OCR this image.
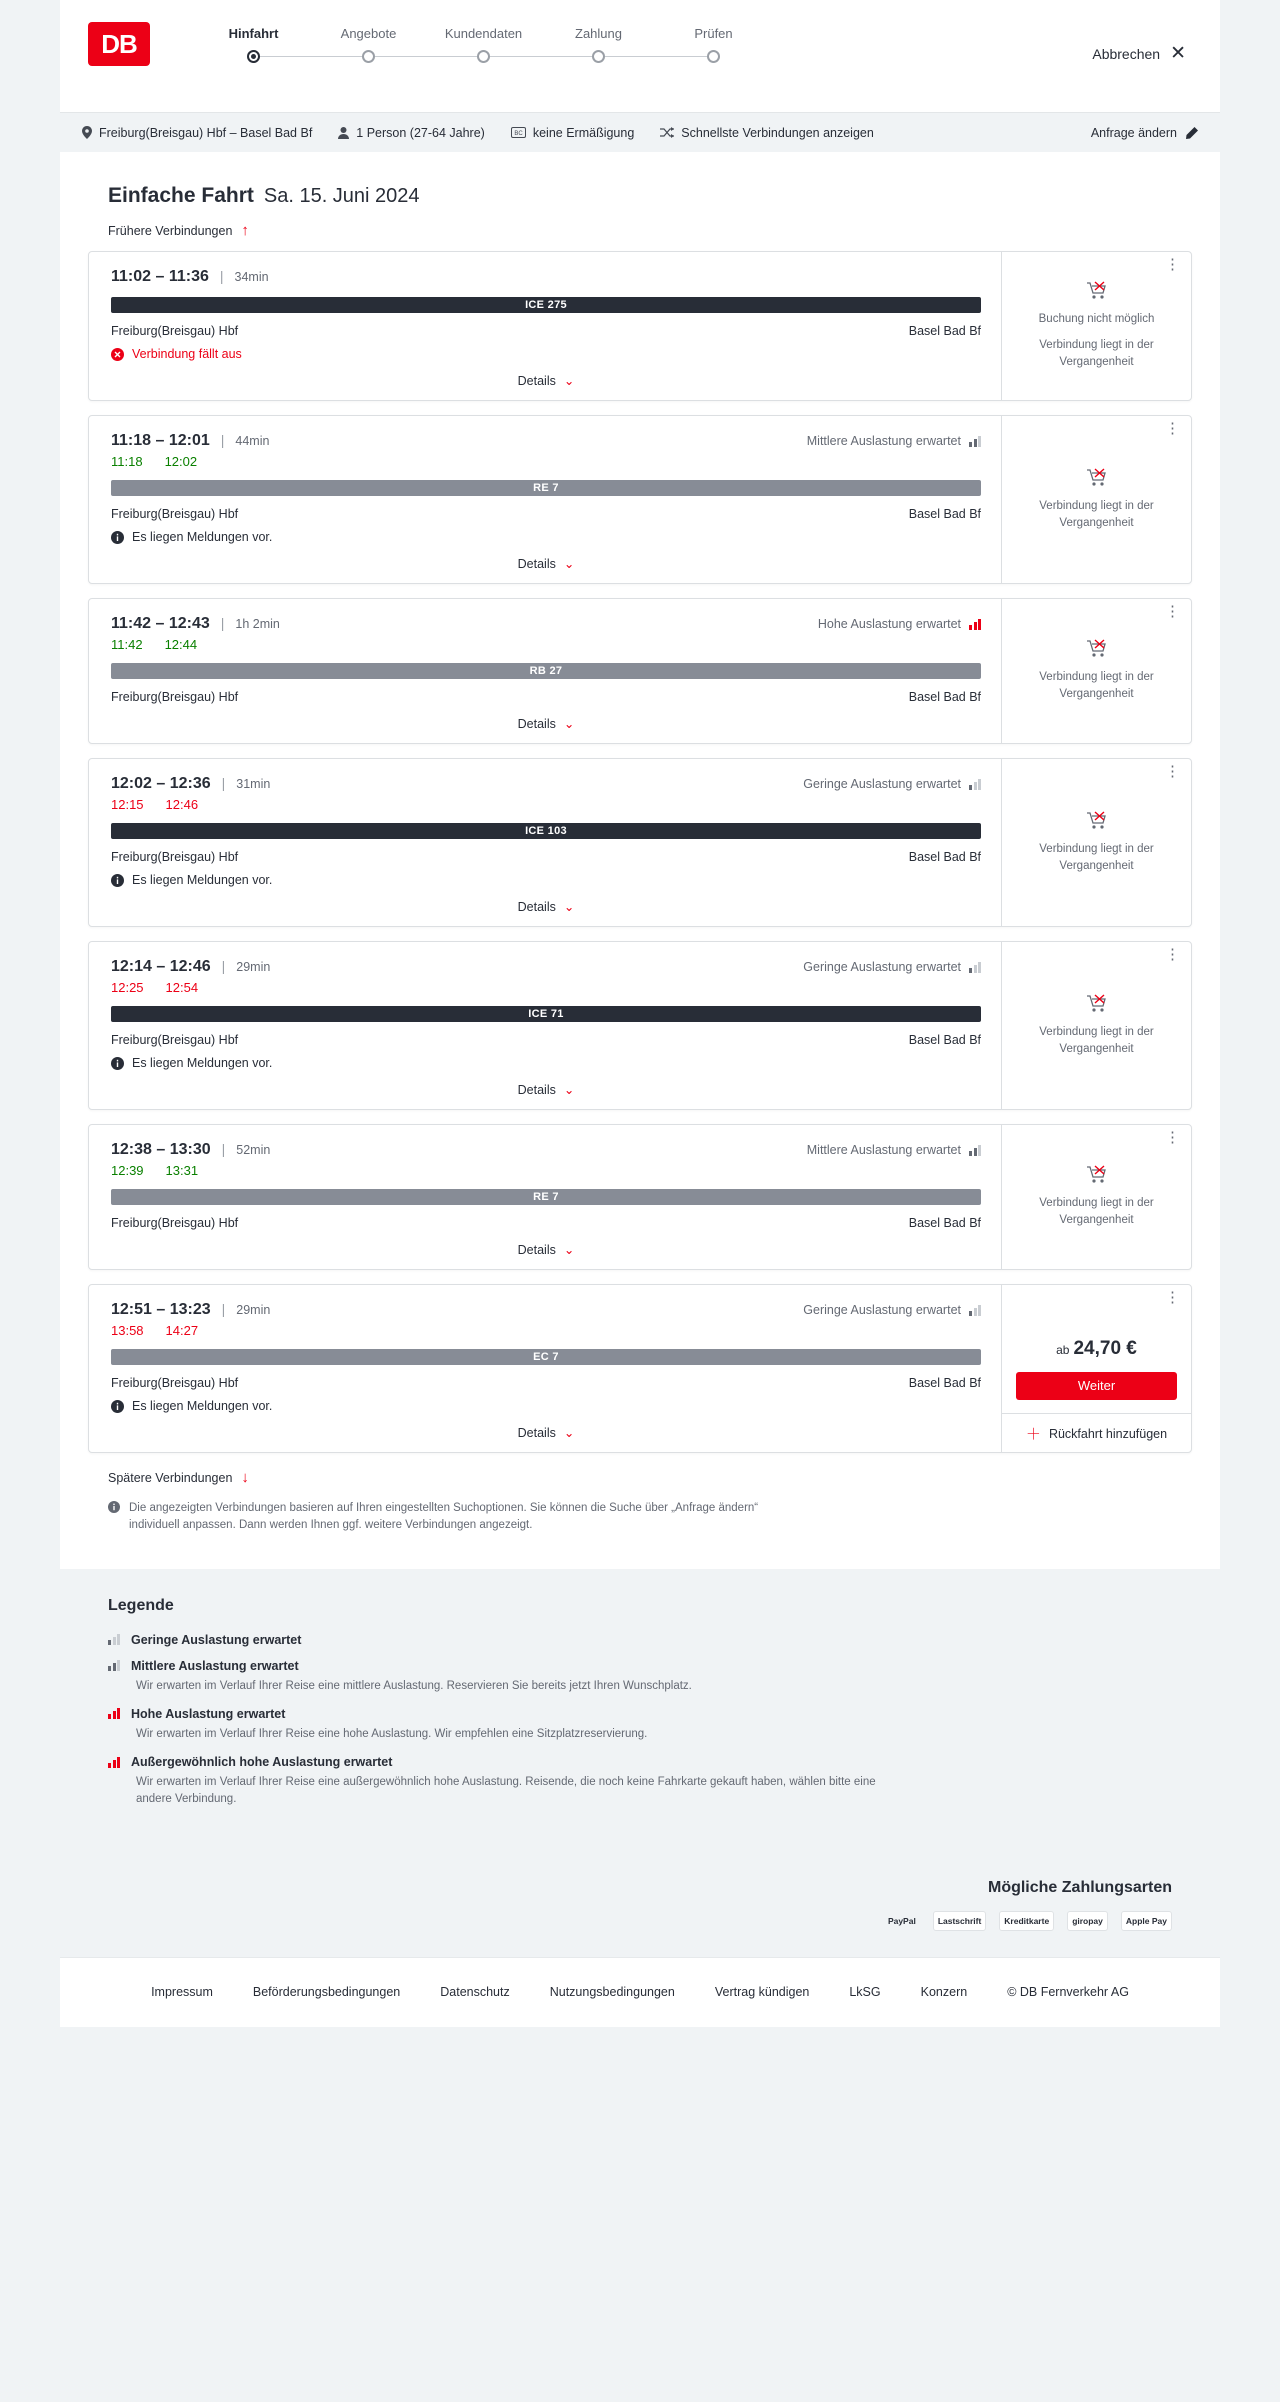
DB	Hinfahrt	Angebote	Kundendaten	Zahlung	Prüfen
Abbrechen ✕
Freiburg(Breisgau) Hbf – Basel Bad Bf	1 Person (27-64 Jahre)	BC keine Ermäßigung	Schnellste Verbindungen anzeigen	Anfrage ändern
Einfache Fahrt Sa. 15. Juni 2024
Frühere Verbindungen ↑
11:02 – 11:36 | 34min
ICE 275
Freiburg(Breisgau) Hbf	Basel Bad Bf
Verbindung fällt aus
Details ⌄
⋮
Buchung nicht möglich
Verbindung liegt in der Vergangenheit
11:18 – 12:01 | 44min	Mittlere Auslastung erwartet
11:18 12:02
RE 7
Freiburg(Breisgau) Hbf	Basel Bad Bf
Es liegen Meldungen vor.
Details ⌄
⋮
Verbindung liegt in der Vergangenheit
11:42 – 12:43 | 1h 2min	Hohe Auslastung erwartet
11:42 12:44
RB 27
Freiburg(Breisgau) Hbf	Basel Bad Bf
Details ⌄
⋮
Verbindung liegt in der Vergangenheit
12:02 – 12:36 | 31min	Geringe Auslastung erwartet
12:15 12:46
ICE 103
Freiburg(Breisgau) Hbf	Basel Bad Bf
Es liegen Meldungen vor.
Details ⌄
⋮
Verbindung liegt in der Vergangenheit
12:14 – 12:46 | 29min	Geringe Auslastung erwartet
12:25 12:54
ICE 71
Freiburg(Breisgau) Hbf	Basel Bad Bf
Es liegen Meldungen vor.
Details ⌄
⋮
Verbindung liegt in der Vergangenheit
12:38 – 13:30 | 52min	Mittlere Auslastung erwartet
12:39 13:31
RE 7
Freiburg(Breisgau) Hbf	Basel Bad Bf
Details ⌄
⋮
Verbindung liegt in der Vergangenheit
12:51 – 13:23 | 29min	Geringe Auslastung erwartet
13:58 14:27
EC 7
Freiburg(Breisgau) Hbf	Basel Bad Bf
Es liegen Meldungen vor.
Details ⌄
⋮
ab 24,70 €
Weiter
＋ Rückfahrt hinzufügen
Spätere Verbindungen ↓
Die angezeigten Verbindungen basieren auf Ihren eingestellten Suchoptionen. Sie können die Suche über „Anfrage ändern“ individuell anpassen. Dann werden Ihnen ggf. weitere Verbindungen angezeigt.
Legende
Geringe Auslastung erwartet
Mittlere Auslastung erwartet
Wir erwarten im Verlauf Ihrer Reise eine mittlere Auslastung. Reservieren Sie bereits jetzt Ihren Wunschplatz.
Hohe Auslastung erwartet
Wir erwarten im Verlauf Ihrer Reise eine hohe Auslastung. Wir empfehlen eine Sitzplatzreservierung.
Außergewöhnlich hohe Auslastung erwartet
Wir erwarten im Verlauf Ihrer Reise eine außergewöhnlich hohe Auslastung. Reisende, die noch keine Fahrkarte gekauft haben, wählen bitte eine andere Verbindung.
Mögliche Zahlungsarten
PayPal	Lastschrift	Kreditkarte	giropay	Apple Pay
Impressum	Beförderungsbedingungen	Datenschutz	Nutzungsbedingungen	Vertrag kündigen	LkSG	Konzern	© DB Fernverkehr AG
